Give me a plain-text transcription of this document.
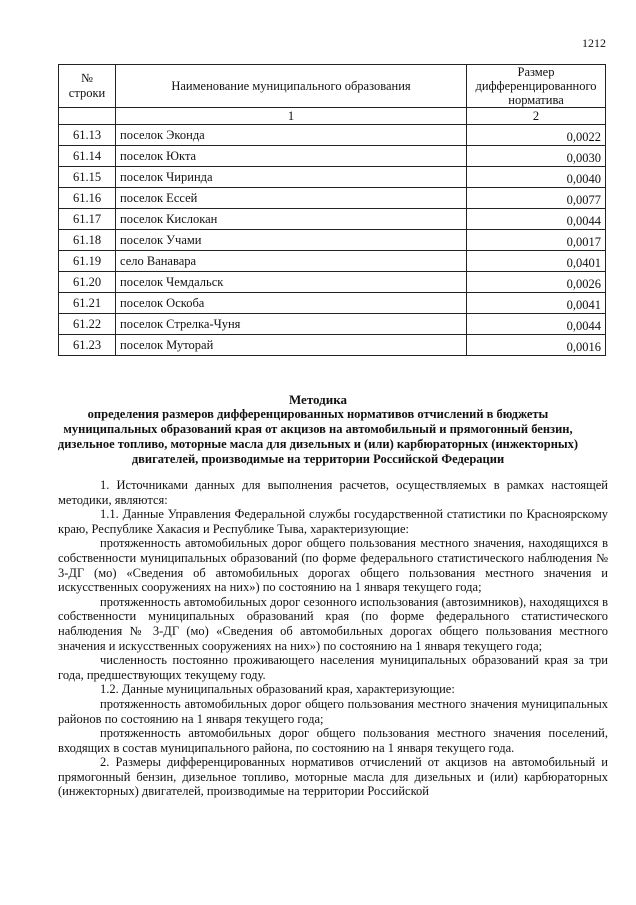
1212
№ строки	Наименование муниципального образования	Размер дифференцированного норматива
	1	2
61.13	поселок Эконда	0,0022
61.14	поселок Юкта	0,0030
61.15	поселок Чиринда	0,0040
61.16	поселок Ессей	0,0077
61.17	поселок Кислокан	0,0044
61.18	поселок Учами	0,0017
61.19	село Ванавара	0,0401
61.20	поселок Чемдальск	0,0026
61.21	поселок Оскоба	0,0041
61.22	поселок Стрелка-Чуня	0,0044
61.23	поселок Муторай	0,0016
Методика
определения размеров дифференцированных нормативов отчислений в бюджеты муниципальных образований края от акцизов на автомобильный и прямогонный бензин, дизельное топливо, моторные масла для дизельных и (или) карбюраторных (инжекторных) двигателей, производимые на территории Российской Федерации

1. Источниками данных для выполнения расчетов, осуществляемых в рамках настоящей методики, являются:

1.1. Данные Управления Федеральной службы государственной статистики по Красноярскому краю, Республике Хакасия и Республике Тыва, характеризующие:

протяженность автомобильных дорог общего пользования местного значения, находящихся в собственности муниципальных образований (по форме федерального статистического наблюдения № 3-ДГ (мо) «Сведения об автомобильных дорогах общего пользования местного значения и искусственных сооружениях на них») по состоянию на 1 января текущего года;

протяженность автомобильных дорог сезонного использования (автозимников), находящихся в собственности муниципальных образований края (по форме федерального статистического наблюдения № 3-ДГ (мо) «Сведения об автомобильных дорогах общего пользования местного значения и искусственных сооружениях на них») по состоянию на 1 января текущего года;

численность постоянно проживающего населения муниципальных образований края за три года, предшествующих текущему году.

1.2. Данные муниципальных образований края, характеризующие:

протяженность автомобильных дорог общего пользования местного значения муниципальных районов по состоянию на 1 января текущего года;

протяженность автомобильных дорог общего пользования местного значения поселений, входящих в состав муниципального района, по состоянию на 1 января текущего года.

2. Размеры дифференцированных нормативов отчислений от акцизов на автомобильный и прямогонный бензин, дизельное топливо, моторные масла для дизельных и (или) карбюраторных (инжекторных) двигателей, производимые на территории Российской
